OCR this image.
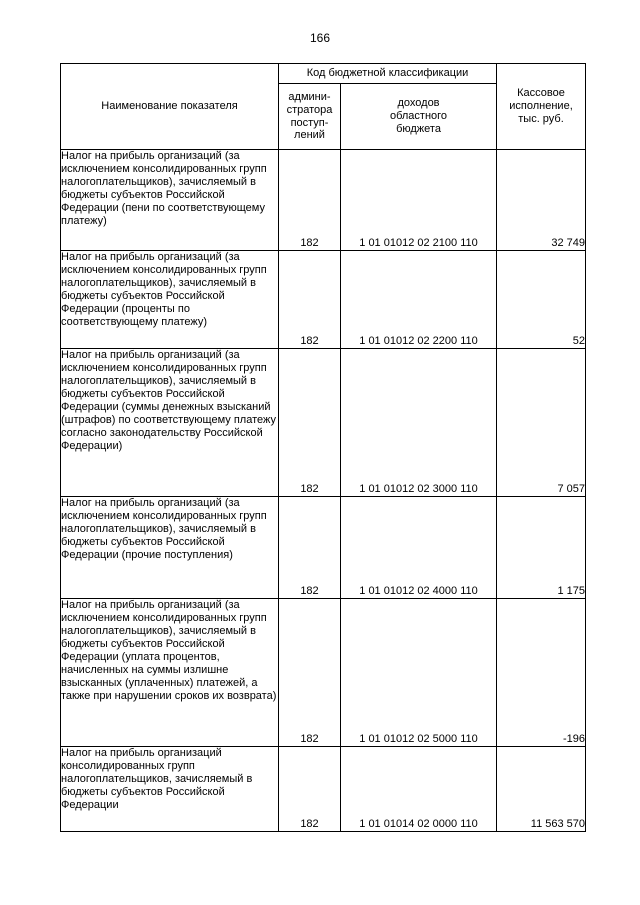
166
Наименование показателя	Код бюджетной классификации		Кассовое
исполнение,
тыс. руб.
	админи-
стратора
поступ-
лений	доходов
областного
бюджета	
Налог на прибыль организаций (за исключением консолидированных групп налогоплательщиков), зачисляемый в бюджеты субъектов Российской Федерации (пени по соответствующему платежу)	182	1 01 01012 02 2100 110	32 749
Налог на прибыль организаций (за исключением консолидированных групп налогоплательщиков), зачисляемый в бюджеты субъектов Российской Федерации (проценты по соответствующему платежу)	182	1 01 01012 02 2200 110	52
Налог на прибыль организаций (за исключением консолидированных групп налогоплательщиков), зачисляемый в бюджеты субъектов Российской Федерации (суммы денежных взысканий (штрафов) по соответствующему платежу согласно законодательству Российской Федерации)	182	1 01 01012 02 3000 110	7 057
Налог на прибыль организаций (за исключением консолидированных групп налогоплательщиков), зачисляемый в бюджеты субъектов Российской Федерации (прочие поступления)	182	1 01 01012 02 4000 110	1 175
Налог на прибыль организаций (за исключением консолидированных групп налогоплательщиков), зачисляемый в бюджеты субъектов Российской Федерации (уплата процентов, начисленных на суммы излишне взысканных (уплаченных) платежей, а также при нарушении сроков их возврата)	182	1 01 01012 02 5000 110	-196
Налог на прибыль организаций консолидированных групп налогоплательщиков, зачисляемый в бюджеты субъектов Российской Федерации	182	1 01 01014 02 0000 110	11 563 570
